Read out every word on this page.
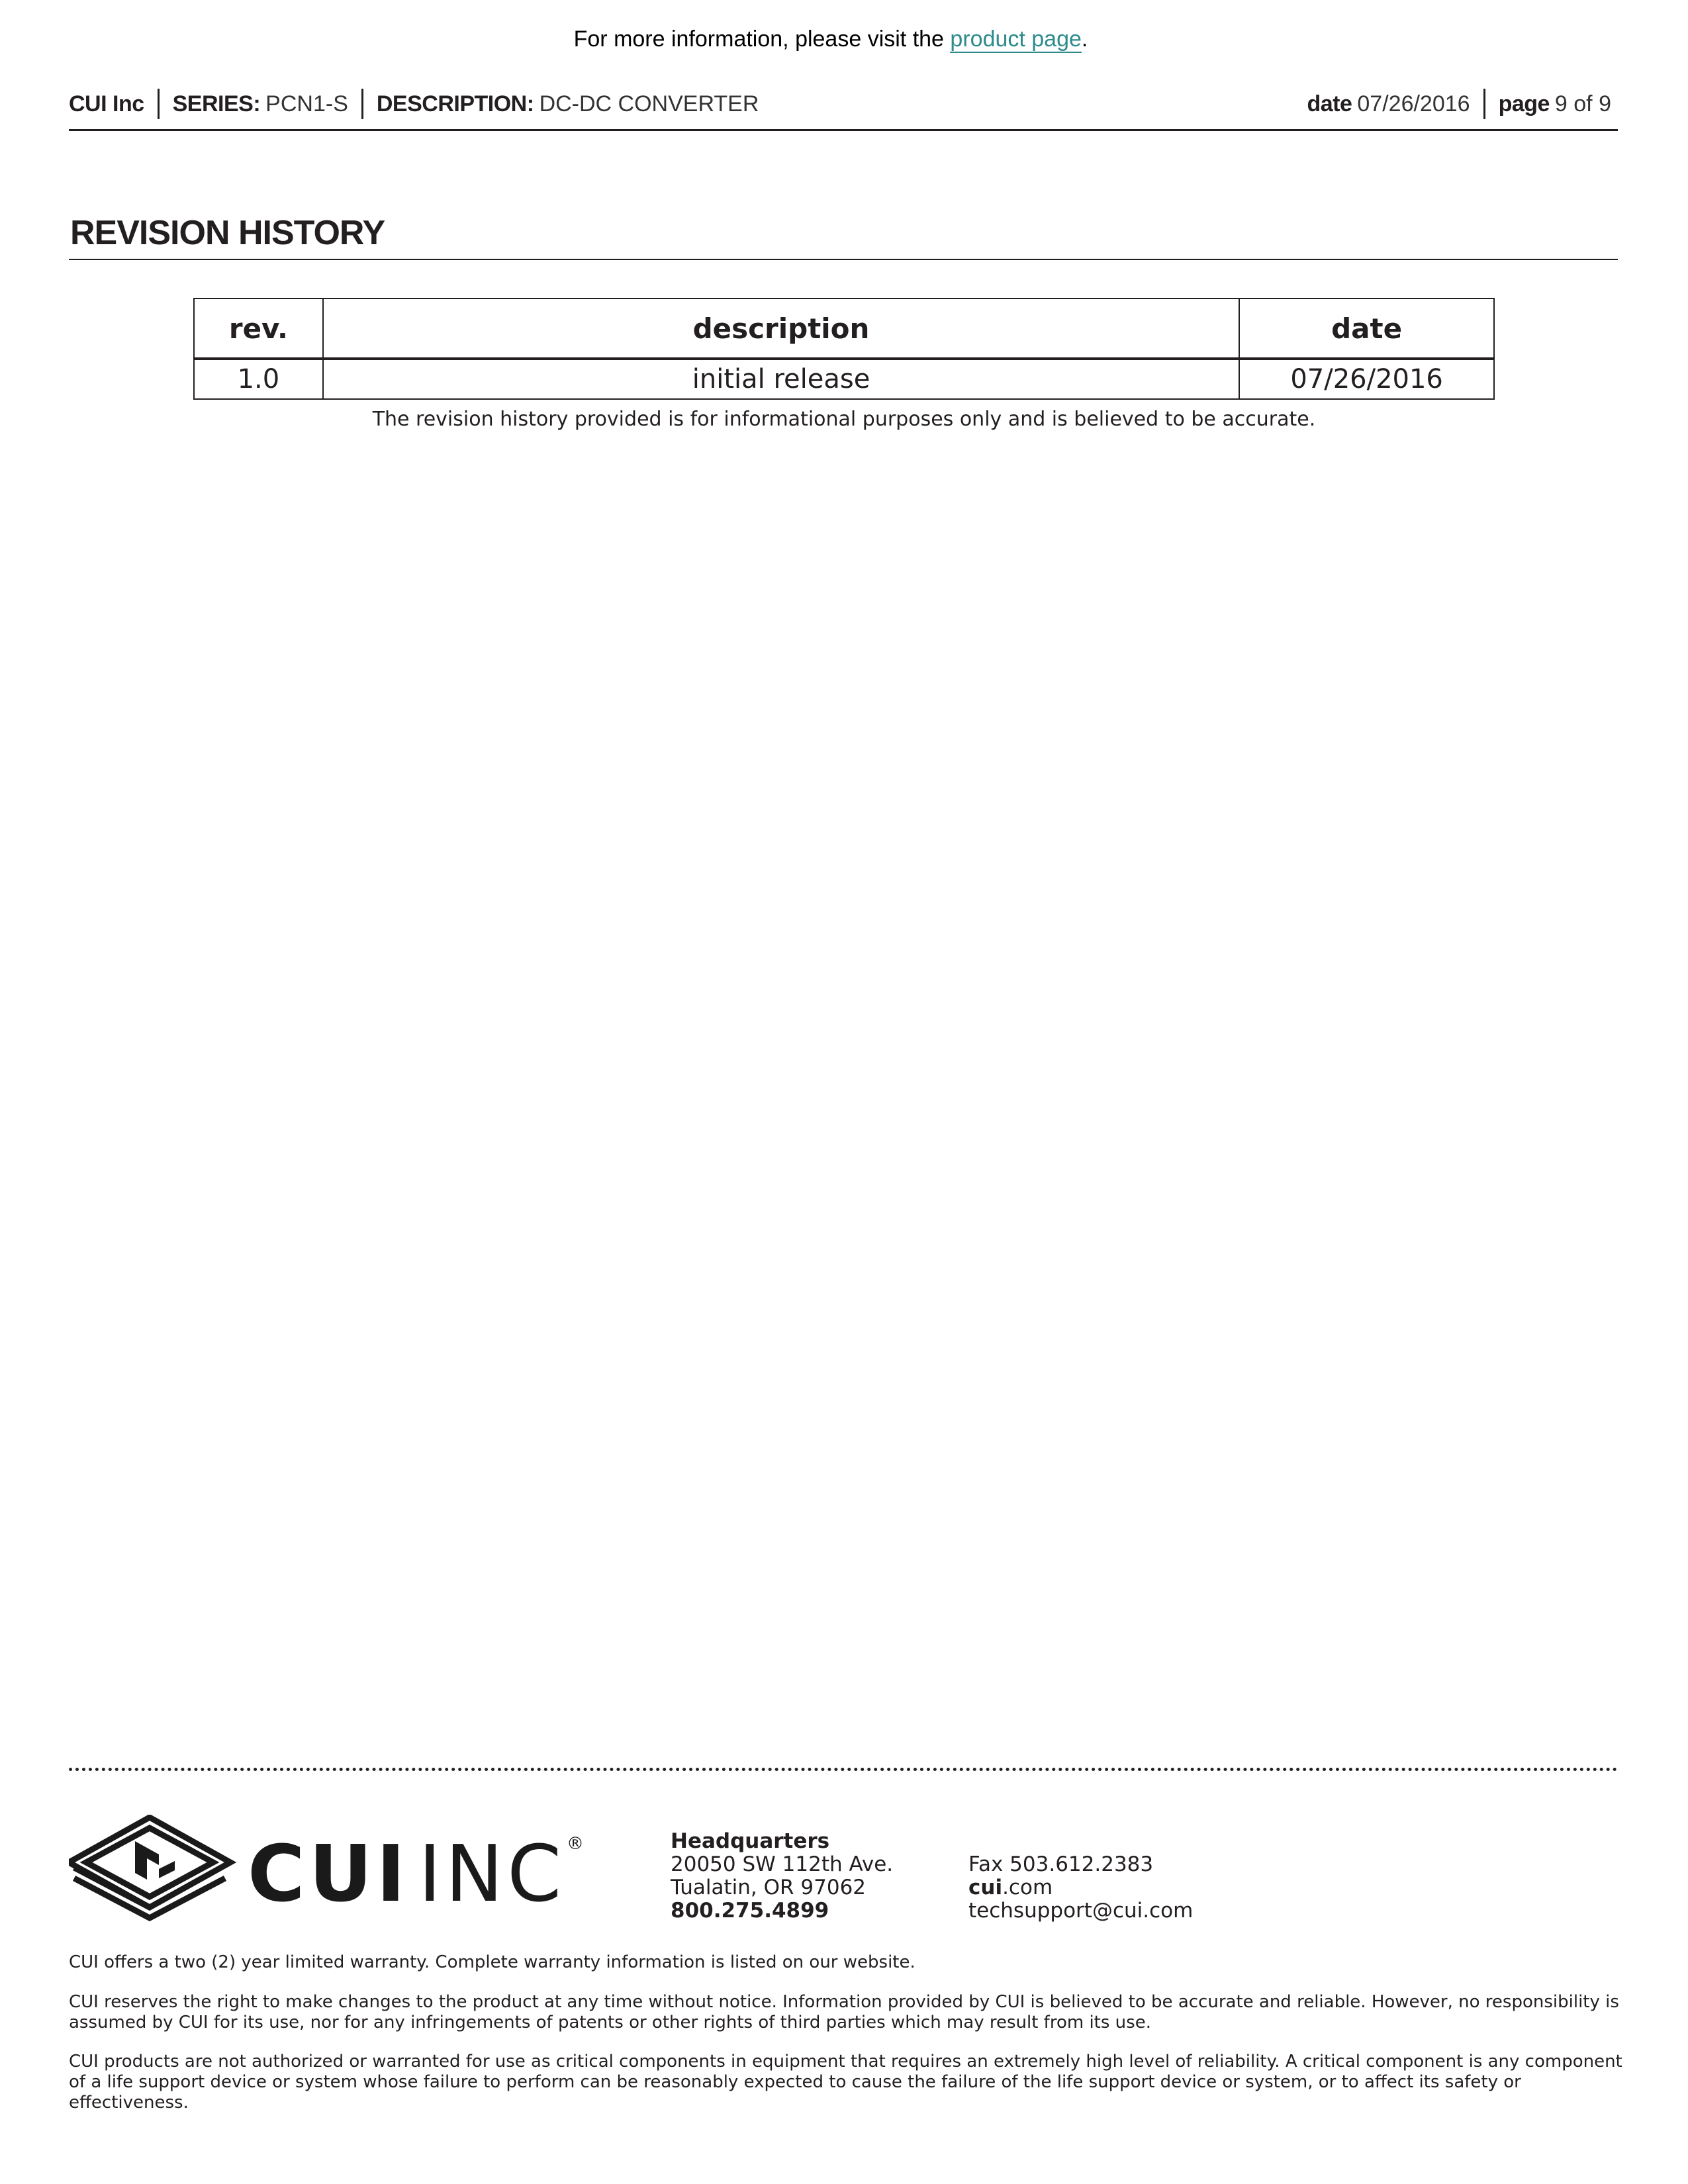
For more information, please visit the product page.
CUI Inc SERIES: PCN1-S DESCRIPTION: DC-DC CONVERTER	date 07/26/2016 page 9 of 9
REVISION HISTORY
rev.	description	date
1.0	initial release	07/26/2016
The revision history provided is for informational purposes only and is believed to be accurate.
CUI INC ®	Headquarters
20050 SW 112th Ave.
Tualatin, OR 97062
800.275.4899
Fax 503.612.2383
cui.com
techsupport@cui.com
CUI offers a two (2) year limited warranty. Complete warranty information is listed on our website.
CUI reserves the right to make changes to the product at any time without notice. Information provided by CUI is believed to be accurate and reliable. However, no responsibility is assumed by CUI for its use, nor for any infringements of patents or other rights of third parties which may result from its use.
CUI products are not authorized or warranted for use as critical components in equipment that requires an extremely high level of reliability. A critical component is any component of a life support device or system whose failure to perform can be reasonably expected to cause the failure of the life support device or system, or to affect its safety or effectiveness.
